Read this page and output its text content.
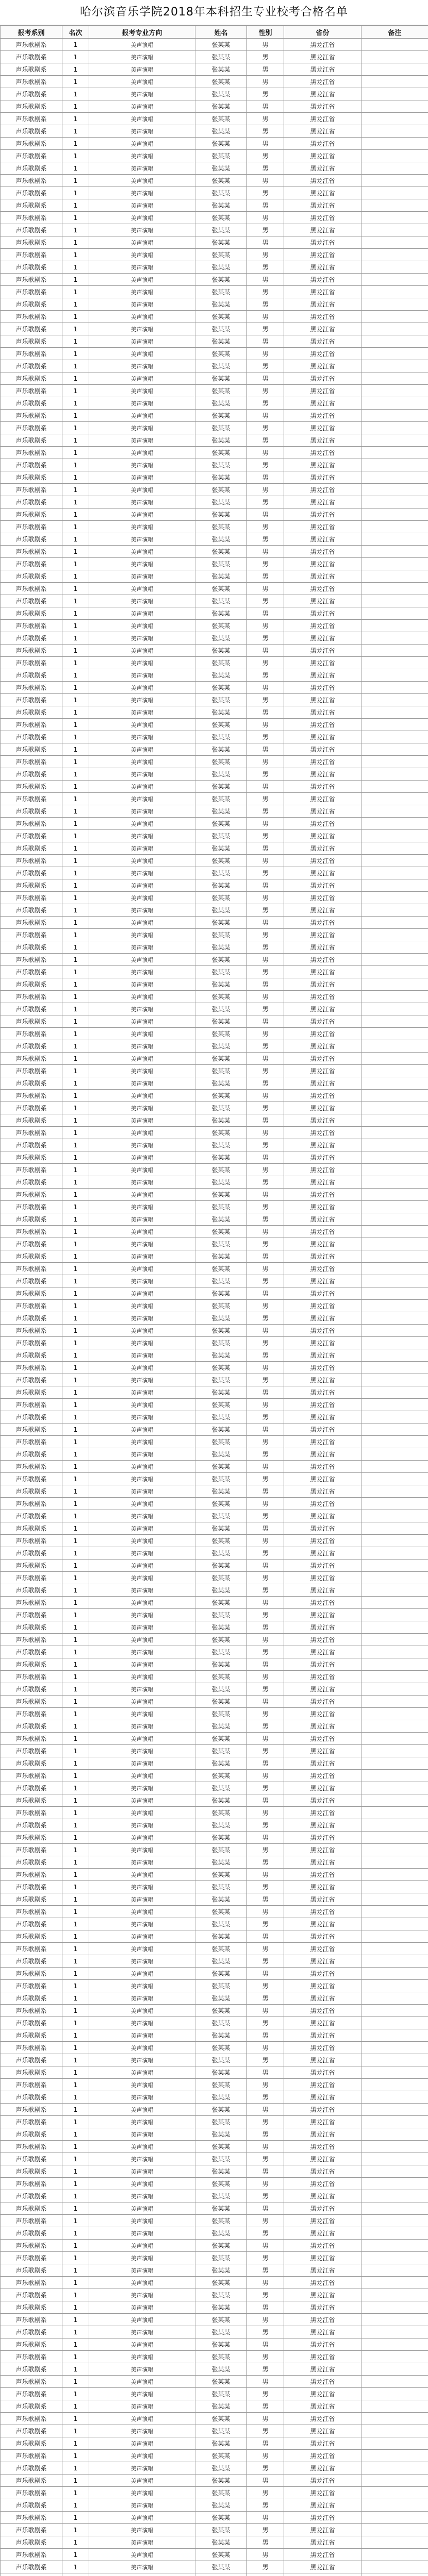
哈尔滨音乐学院2018年本科招生专业校考合格名单
报考系别	名次	报考专业方向	姓名	性别	省份	备注
声乐歌剧系	1	美声演唱	张某某	男	黑龙江省	
声乐歌剧系	1	美声演唱	张某某	男	黑龙江省	
声乐歌剧系	1	美声演唱	张某某	男	黑龙江省	
声乐歌剧系	1	美声演唱	张某某	男	黑龙江省	
声乐歌剧系	1	美声演唱	张某某	男	黑龙江省	
声乐歌剧系	1	美声演唱	张某某	男	黑龙江省	
声乐歌剧系	1	美声演唱	张某某	男	黑龙江省	
声乐歌剧系	1	美声演唱	张某某	男	黑龙江省	
声乐歌剧系	1	美声演唱	张某某	男	黑龙江省	
声乐歌剧系	1	美声演唱	张某某	男	黑龙江省	
声乐歌剧系	1	美声演唱	张某某	男	黑龙江省	
声乐歌剧系	1	美声演唱	张某某	男	黑龙江省	
声乐歌剧系	1	美声演唱	张某某	男	黑龙江省	
声乐歌剧系	1	美声演唱	张某某	男	黑龙江省	
声乐歌剧系	1	美声演唱	张某某	男	黑龙江省	
声乐歌剧系	1	美声演唱	张某某	男	黑龙江省	
声乐歌剧系	1	美声演唱	张某某	男	黑龙江省	
声乐歌剧系	1	美声演唱	张某某	男	黑龙江省	
声乐歌剧系	1	美声演唱	张某某	男	黑龙江省	
声乐歌剧系	1	美声演唱	张某某	男	黑龙江省	
声乐歌剧系	1	美声演唱	张某某	男	黑龙江省	
声乐歌剧系	1	美声演唱	张某某	男	黑龙江省	
声乐歌剧系	1	美声演唱	张某某	男	黑龙江省	
声乐歌剧系	1	美声演唱	张某某	男	黑龙江省	
声乐歌剧系	1	美声演唱	张某某	男	黑龙江省	
声乐歌剧系	1	美声演唱	张某某	男	黑龙江省	
声乐歌剧系	1	美声演唱	张某某	男	黑龙江省	
声乐歌剧系	1	美声演唱	张某某	男	黑龙江省	
声乐歌剧系	1	美声演唱	张某某	男	黑龙江省	
声乐歌剧系	1	美声演唱	张某某	男	黑龙江省	
声乐歌剧系	1	美声演唱	张某某	男	黑龙江省	
声乐歌剧系	1	美声演唱	张某某	男	黑龙江省	
声乐歌剧系	1	美声演唱	张某某	男	黑龙江省	
声乐歌剧系	1	美声演唱	张某某	男	黑龙江省	
声乐歌剧系	1	美声演唱	张某某	男	黑龙江省	
声乐歌剧系	1	美声演唱	张某某	男	黑龙江省	
声乐歌剧系	1	美声演唱	张某某	男	黑龙江省	
声乐歌剧系	1	美声演唱	张某某	男	黑龙江省	
声乐歌剧系	1	美声演唱	张某某	男	黑龙江省	
声乐歌剧系	1	美声演唱	张某某	男	黑龙江省	
声乐歌剧系	1	美声演唱	张某某	男	黑龙江省	
声乐歌剧系	1	美声演唱	张某某	男	黑龙江省	
声乐歌剧系	1	美声演唱	张某某	男	黑龙江省	
声乐歌剧系	1	美声演唱	张某某	男	黑龙江省	
声乐歌剧系	1	美声演唱	张某某	男	黑龙江省	
声乐歌剧系	1	美声演唱	张某某	男	黑龙江省	
声乐歌剧系	1	美声演唱	张某某	男	黑龙江省	
声乐歌剧系	1	美声演唱	张某某	男	黑龙江省	
声乐歌剧系	1	美声演唱	张某某	男	黑龙江省	
声乐歌剧系	1	美声演唱	张某某	男	黑龙江省	
声乐歌剧系	1	美声演唱	张某某	男	黑龙江省	
声乐歌剧系	1	美声演唱	张某某	男	黑龙江省	
声乐歌剧系	1	美声演唱	张某某	男	黑龙江省	
声乐歌剧系	1	美声演唱	张某某	男	黑龙江省	
声乐歌剧系	1	美声演唱	张某某	男	黑龙江省	
声乐歌剧系	1	美声演唱	张某某	男	黑龙江省	
声乐歌剧系	1	美声演唱	张某某	男	黑龙江省	
声乐歌剧系	1	美声演唱	张某某	男	黑龙江省	
声乐歌剧系	1	美声演唱	张某某	男	黑龙江省	
声乐歌剧系	1	美声演唱	张某某	男	黑龙江省	
声乐歌剧系	1	美声演唱	张某某	男	黑龙江省	
声乐歌剧系	1	美声演唱	张某某	男	黑龙江省	
声乐歌剧系	1	美声演唱	张某某	男	黑龙江省	
声乐歌剧系	1	美声演唱	张某某	男	黑龙江省	
声乐歌剧系	1	美声演唱	张某某	男	黑龙江省	
声乐歌剧系	1	美声演唱	张某某	男	黑龙江省	
声乐歌剧系	1	美声演唱	张某某	男	黑龙江省	
声乐歌剧系	1	美声演唱	张某某	男	黑龙江省	
声乐歌剧系	1	美声演唱	张某某	男	黑龙江省	
声乐歌剧系	1	美声演唱	张某某	男	黑龙江省	
声乐歌剧系	1	美声演唱	张某某	男	黑龙江省	
声乐歌剧系	1	美声演唱	张某某	男	黑龙江省	
声乐歌剧系	1	美声演唱	张某某	男	黑龙江省	
声乐歌剧系	1	美声演唱	张某某	男	黑龙江省	
声乐歌剧系	1	美声演唱	张某某	男	黑龙江省	
声乐歌剧系	1	美声演唱	张某某	男	黑龙江省	
声乐歌剧系	1	美声演唱	张某某	男	黑龙江省	
声乐歌剧系	1	美声演唱	张某某	男	黑龙江省	
声乐歌剧系	1	美声演唱	张某某	男	黑龙江省	
声乐歌剧系	1	美声演唱	张某某	男	黑龙江省	
声乐歌剧系	1	美声演唱	张某某	男	黑龙江省	
声乐歌剧系	1	美声演唱	张某某	男	黑龙江省	
声乐歌剧系	1	美声演唱	张某某	男	黑龙江省	
声乐歌剧系	1	美声演唱	张某某	男	黑龙江省	
声乐歌剧系	1	美声演唱	张某某	男	黑龙江省	
声乐歌剧系	1	美声演唱	张某某	男	黑龙江省	
声乐歌剧系	1	美声演唱	张某某	男	黑龙江省	
声乐歌剧系	1	美声演唱	张某某	男	黑龙江省	
声乐歌剧系	1	美声演唱	张某某	男	黑龙江省	
声乐歌剧系	1	美声演唱	张某某	男	黑龙江省	
声乐歌剧系	1	美声演唱	张某某	男	黑龙江省	
声乐歌剧系	1	美声演唱	张某某	男	黑龙江省	
声乐歌剧系	1	美声演唱	张某某	男	黑龙江省	
声乐歌剧系	1	美声演唱	张某某	男	黑龙江省	
声乐歌剧系	1	美声演唱	张某某	男	黑龙江省	
声乐歌剧系	1	美声演唱	张某某	男	黑龙江省	
声乐歌剧系	1	美声演唱	张某某	男	黑龙江省	
声乐歌剧系	1	美声演唱	张某某	男	黑龙江省	
声乐歌剧系	1	美声演唱	张某某	男	黑龙江省	
声乐歌剧系	1	美声演唱	张某某	男	黑龙江省	
声乐歌剧系	1	美声演唱	张某某	男	黑龙江省	
声乐歌剧系	1	美声演唱	张某某	男	黑龙江省	
声乐歌剧系	1	美声演唱	张某某	男	黑龙江省	
声乐歌剧系	1	美声演唱	张某某	男	黑龙江省	
声乐歌剧系	1	美声演唱	张某某	男	黑龙江省	
声乐歌剧系	1	美声演唱	张某某	男	黑龙江省	
声乐歌剧系	1	美声演唱	张某某	男	黑龙江省	
声乐歌剧系	1	美声演唱	张某某	男	黑龙江省	
声乐歌剧系	1	美声演唱	张某某	男	黑龙江省	
声乐歌剧系	1	美声演唱	张某某	男	黑龙江省	
声乐歌剧系	1	美声演唱	张某某	男	黑龙江省	
声乐歌剧系	1	美声演唱	张某某	男	黑龙江省	
声乐歌剧系	1	美声演唱	张某某	男	黑龙江省	
声乐歌剧系	1	美声演唱	张某某	男	黑龙江省	
声乐歌剧系	1	美声演唱	张某某	男	黑龙江省	
声乐歌剧系	1	美声演唱	张某某	男	黑龙江省	
声乐歌剧系	1	美声演唱	张某某	男	黑龙江省	
声乐歌剧系	1	美声演唱	张某某	男	黑龙江省	
声乐歌剧系	1	美声演唱	张某某	男	黑龙江省	
声乐歌剧系	1	美声演唱	张某某	男	黑龙江省	
声乐歌剧系	1	美声演唱	张某某	男	黑龙江省	
声乐歌剧系	1	美声演唱	张某某	男	黑龙江省	
声乐歌剧系	1	美声演唱	张某某	男	黑龙江省	
声乐歌剧系	1	美声演唱	张某某	男	黑龙江省	
声乐歌剧系	1	美声演唱	张某某	男	黑龙江省	
声乐歌剧系	1	美声演唱	张某某	男	黑龙江省	
声乐歌剧系	1	美声演唱	张某某	男	黑龙江省	
声乐歌剧系	1	美声演唱	张某某	男	黑龙江省	
声乐歌剧系	1	美声演唱	张某某	男	黑龙江省	
声乐歌剧系	1	美声演唱	张某某	男	黑龙江省	
声乐歌剧系	1	美声演唱	张某某	男	黑龙江省	
声乐歌剧系	1	美声演唱	张某某	男	黑龙江省	
声乐歌剧系	1	美声演唱	张某某	男	黑龙江省	
声乐歌剧系	1	美声演唱	张某某	男	黑龙江省	
声乐歌剧系	1	美声演唱	张某某	男	黑龙江省	
声乐歌剧系	1	美声演唱	张某某	男	黑龙江省	
声乐歌剧系	1	美声演唱	张某某	男	黑龙江省	
声乐歌剧系	1	美声演唱	张某某	男	黑龙江省	
声乐歌剧系	1	美声演唱	张某某	男	黑龙江省	
声乐歌剧系	1	美声演唱	张某某	男	黑龙江省	
声乐歌剧系	1	美声演唱	张某某	男	黑龙江省	
声乐歌剧系	1	美声演唱	张某某	男	黑龙江省	
声乐歌剧系	1	美声演唱	张某某	男	黑龙江省	
声乐歌剧系	1	美声演唱	张某某	男	黑龙江省	
声乐歌剧系	1	美声演唱	张某某	男	黑龙江省	
声乐歌剧系	1	美声演唱	张某某	男	黑龙江省	
声乐歌剧系	1	美声演唱	张某某	男	黑龙江省	
声乐歌剧系	1	美声演唱	张某某	男	黑龙江省	
声乐歌剧系	1	美声演唱	张某某	男	黑龙江省	
声乐歌剧系	1	美声演唱	张某某	男	黑龙江省	
声乐歌剧系	1	美声演唱	张某某	男	黑龙江省	
声乐歌剧系	1	美声演唱	张某某	男	黑龙江省	
声乐歌剧系	1	美声演唱	张某某	男	黑龙江省	
声乐歌剧系	1	美声演唱	张某某	男	黑龙江省	
声乐歌剧系	1	美声演唱	张某某	男	黑龙江省	
声乐歌剧系	1	美声演唱	张某某	男	黑龙江省	
声乐歌剧系	1	美声演唱	张某某	男	黑龙江省	
声乐歌剧系	1	美声演唱	张某某	男	黑龙江省	
声乐歌剧系	1	美声演唱	张某某	男	黑龙江省	
声乐歌剧系	1	美声演唱	张某某	男	黑龙江省	
声乐歌剧系	1	美声演唱	张某某	男	黑龙江省	
声乐歌剧系	1	美声演唱	张某某	男	黑龙江省	
声乐歌剧系	1	美声演唱	张某某	男	黑龙江省	
声乐歌剧系	1	美声演唱	张某某	男	黑龙江省	
声乐歌剧系	1	美声演唱	张某某	男	黑龙江省	
声乐歌剧系	1	美声演唱	张某某	男	黑龙江省	
声乐歌剧系	1	美声演唱	张某某	男	黑龙江省	
声乐歌剧系	1	美声演唱	张某某	男	黑龙江省	
声乐歌剧系	1	美声演唱	张某某	男	黑龙江省	
声乐歌剧系	1	美声演唱	张某某	男	黑龙江省	
声乐歌剧系	1	美声演唱	张某某	男	黑龙江省	
声乐歌剧系	1	美声演唱	张某某	男	黑龙江省	
声乐歌剧系	1	美声演唱	张某某	男	黑龙江省	
声乐歌剧系	1	美声演唱	张某某	男	黑龙江省	
声乐歌剧系	1	美声演唱	张某某	男	黑龙江省	
声乐歌剧系	1	美声演唱	张某某	男	黑龙江省	
声乐歌剧系	1	美声演唱	张某某	男	黑龙江省	
声乐歌剧系	1	美声演唱	张某某	男	黑龙江省	
声乐歌剧系	1	美声演唱	张某某	男	黑龙江省	
声乐歌剧系	1	美声演唱	张某某	男	黑龙江省	
声乐歌剧系	1	美声演唱	张某某	男	黑龙江省	
声乐歌剧系	1	美声演唱	张某某	男	黑龙江省	
声乐歌剧系	1	美声演唱	张某某	男	黑龙江省	
声乐歌剧系	1	美声演唱	张某某	男	黑龙江省	
声乐歌剧系	1	美声演唱	张某某	男	黑龙江省	
声乐歌剧系	1	美声演唱	张某某	男	黑龙江省	
声乐歌剧系	1	美声演唱	张某某	男	黑龙江省	
声乐歌剧系	1	美声演唱	张某某	男	黑龙江省	
声乐歌剧系	1	美声演唱	张某某	男	黑龙江省	
声乐歌剧系	1	美声演唱	张某某	男	黑龙江省	
声乐歌剧系	1	美声演唱	张某某	男	黑龙江省	
声乐歌剧系	1	美声演唱	张某某	男	黑龙江省	
声乐歌剧系	1	美声演唱	张某某	男	黑龙江省	
声乐歌剧系	1	美声演唱	张某某	男	黑龙江省	
声乐歌剧系	1	美声演唱	张某某	男	黑龙江省	
声乐歌剧系	1	美声演唱	张某某	男	黑龙江省	
声乐歌剧系	1	美声演唱	张某某	男	黑龙江省	
声乐歌剧系	1	美声演唱	张某某	男	黑龙江省	
声乐歌剧系	1	美声演唱	张某某	男	黑龙江省	
声乐歌剧系	1	美声演唱	张某某	男	黑龙江省	
声乐歌剧系	1	美声演唱	张某某	男	黑龙江省	
声乐歌剧系	1	美声演唱	张某某	男	黑龙江省	
声乐歌剧系	1	美声演唱	张某某	男	黑龙江省	
声乐歌剧系	1	美声演唱	张某某	男	黑龙江省	
声乐歌剧系	1	美声演唱	张某某	男	黑龙江省	
